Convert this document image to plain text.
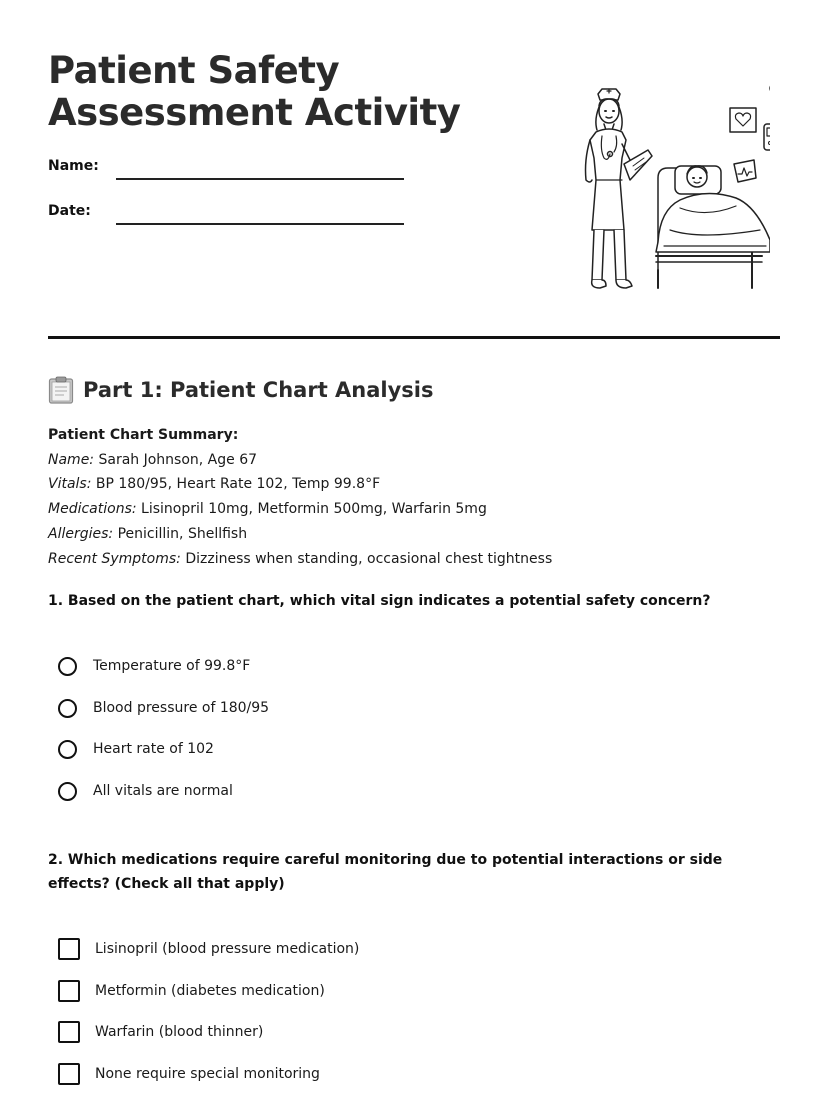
Patient Safety
Assessment Activity
Name:
Date:
Part 1: Patient Chart Analysis
Patient Chart Summary:
Name: Sarah Johnson, Age 67
Vitals: BP 180/95, Heart Rate 102, Temp 99.8°F
Medications: Lisinopril 10mg, Metformin 500mg, Warfarin 5mg
Allergies: Penicillin, Shellfish
Recent Symptoms: Dizziness when standing, occasional chest tightness
1. Based on the patient chart, which vital sign indicates a potential safety concern?
Temperature of 99.8°F
Blood pressure of 180/95
Heart rate of 102
All vitals are normal
2. Which medications require careful monitoring due to potential interactions or side effects? (Check all that apply)
Lisinopril (blood pressure medication)
Metformin (diabetes medication)
Warfarin (blood thinner)
None require special monitoring
